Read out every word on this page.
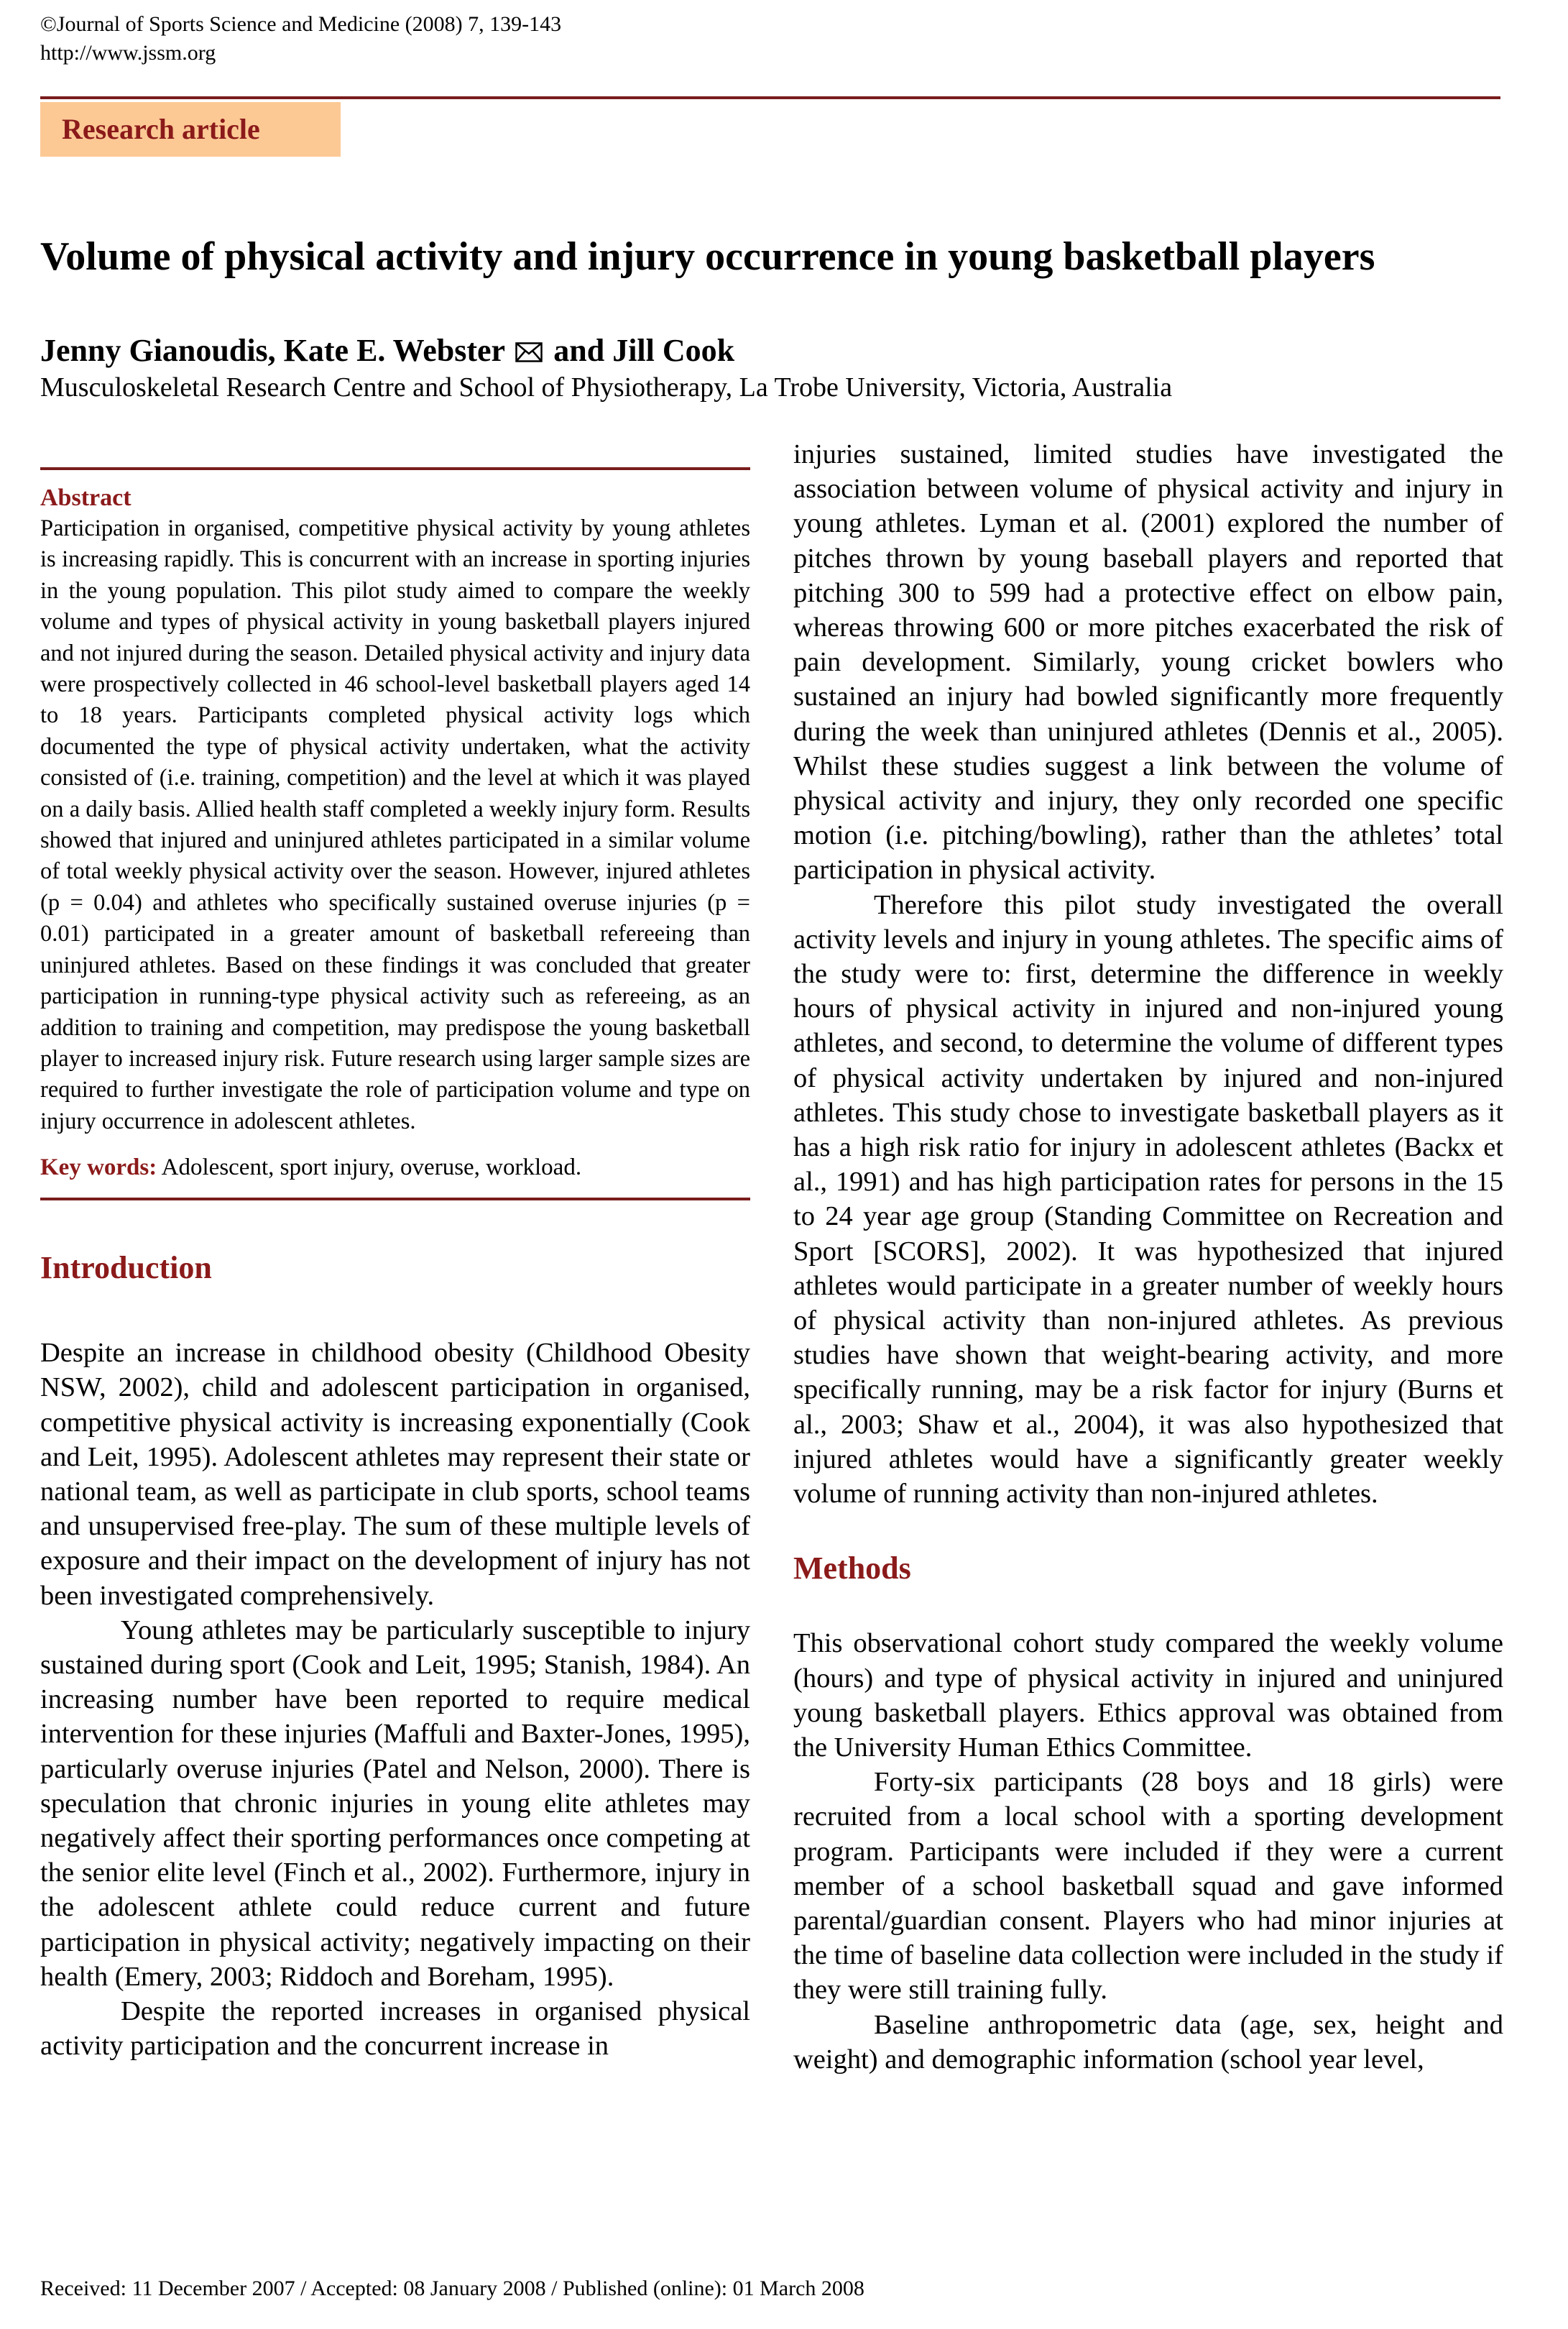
©Journal of Sports Science and Medicine (2008) 7, 139-143
http://www.jssm.org
Research article
Volume of physical activity and injury occurrence in young basketball players
Jenny Gianoudis, Kate E. Webster and Jill Cook
Musculoskeletal Research Centre and School of Physiotherapy, La Trobe University, Victoria, Australia
Abstract

Participation in organised, competitive physical activity by young athletes is increasing rapidly. This is concurrent with an increase in sporting injuries in the young population. This pilot study aimed to compare the weekly volume and types of physical activity in young basketball players injured and not injured during the season. Detailed physical activity and injury data were prospectively collected in 46 school-level basketball players aged 14 to 18 years. Participants completed physical activity logs which documented the type of physical activity undertaken, what the activity consisted of (i.e. training, competition) and the level at which it was played on a daily basis. Allied health staff completed a weekly injury form. Results showed that injured and uninjured athletes participated in a similar volume of total weekly physical activity over the season. However, injured athletes (p = 0.04) and athletes who specifically sustained overuse injuries (p = 0.01) participated in a greater amount of basketball refereeing than uninjured athletes. Based on these findings it was concluded that greater participation in running-type physical activity such as refereeing, as an addition to training and competition, may predispose the young basketball player to increased injury risk. Future research using larger sample sizes are required to further investigate the role of participation volume and type on injury occurrence in adolescent athletes.

Key words: Adolescent, sport injury, overuse, workload.
Introduction

Despite an increase in childhood obesity (Childhood Obesity NSW, 2002), child and adolescent participation in organised, competitive physical activity is increasing exponentially (Cook and Leit, 1995). Adolescent athletes may represent their state or national team, as well as participate in club sports, school teams and unsupervised free-play. The sum of these multiple levels of exposure and their impact on the development of injury has not been investigated comprehensively.

Young athletes may be particularly susceptible to injury sustained during sport (Cook and Leit, 1995; Stanish, 1984). An increasing number have been reported to require medical intervention for these injuries (Maffuli and Baxter-Jones, 1995), particularly overuse injuries (Patel and Nelson, 2000). There is speculation that chronic injuries in young elite athletes may negatively affect their sporting performances once competing at the senior elite level (Finch et al., 2002). Furthermore, injury in the adolescent athlete could reduce current and future participation in physical activity; negatively impacting on their health (Emery, 2003; Riddoch and Boreham, 1995).

Despite the reported increases in organised physical activity participation and the concurrent increase in

injuries sustained, limited studies have investigated the association between volume of physical activity and injury in young athletes. Lyman et al. (2001) explored the number of pitches thrown by young baseball players and reported that pitching 300 to 599 had a protective effect on elbow pain, whereas throwing 600 or more pitches exacerbated the risk of pain development. Similarly, young cricket bowlers who sustained an injury had bowled significantly more frequently during the week than uninjured athletes (Dennis et al., 2005). Whilst these studies suggest a link between the volume of physical activity and injury, they only recorded one specific motion (i.e. pitching/bowling), rather than the athletes’ total participation in physical activity.

Therefore this pilot study investigated the overall activity levels and injury in young athletes. The specific aims of the study were to: first, determine the difference in weekly hours of physical activity in injured and non-injured young athletes, and second, to determine the volume of different types of physical activity undertaken by injured and non-injured athletes. This study chose to investigate basketball players as it has a high risk ratio for injury in adolescent athletes (Backx et al., 1991) and has high participation rates for persons in the 15 to 24 year age group (Standing Committee on Recreation and Sport [SCORS], 2002). It was hypothesized that injured athletes would participate in a greater number of weekly hours of physical activity than non-injured athletes. As previous studies have shown that weight-bearing activity, and more specifically running, may be a risk factor for injury (Burns et al., 2003; Shaw et al., 2004), it was also hypothesized that injured athletes would have a significantly greater weekly volume of running activity than non-injured athletes.

Methods

This observational cohort study compared the weekly volume (hours) and type of physical activity in injured and uninjured young basketball players. Ethics approval was obtained from the University Human Ethics Committee.

Forty-six participants (28 boys and 18 girls) were recruited from a local school with a sporting development program. Participants were included if they were a current member of a school basketball squad and gave informed parental/guardian consent. Players who had minor injuries at the time of baseline data collection were included in the study if they were still training fully.

Baseline anthropometric data (age, sex, height and weight) and demographic information (school year level,

Received: 11 December 2007 / Accepted: 08 January 2008 / Published (online): 01 March 2008
